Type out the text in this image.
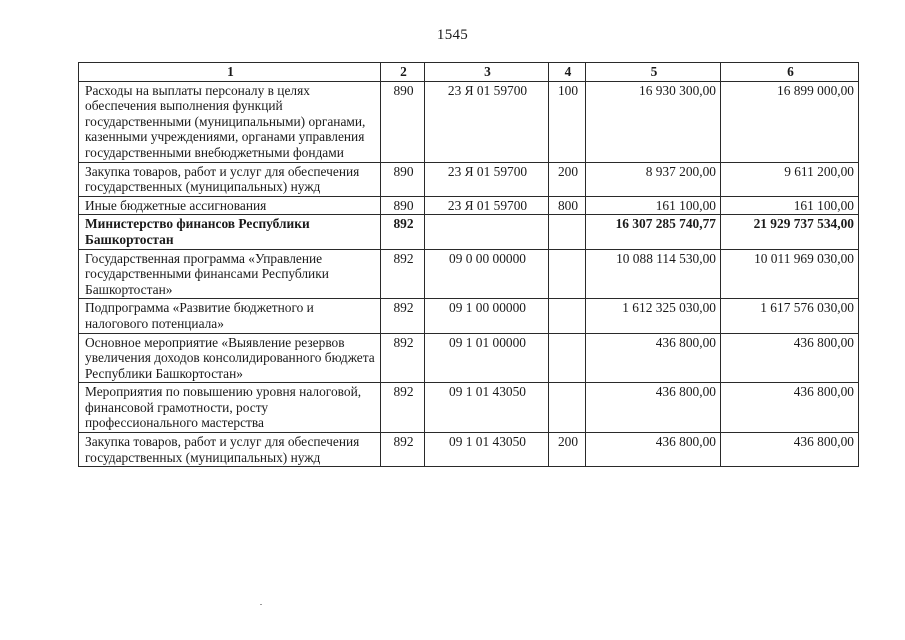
1545
1	2	3	4	5	6
Расходы на выплаты персоналу в целях обеспечения выполнения функций государственными (муниципальными) органами, казенными учреждениями, органами управления государственными внебюджетными фондами	890	23 Я 01 59700	100	16 930 300,00	16 899 000,00
Закупка товаров, работ и услуг для обеспечения государственных (муниципальных) нужд	890	23 Я 01 59700	200	8 937 200,00	9 611 200,00
Иные бюджетные ассигнования	890	23 Я 01 59700	800	161 100,00	161 100,00
Министерство финансов Республики Башкортостан	892			16 307 285 740,77	21 929 737 534,00
Государственная программа «Управление государственными финансами Республики Башкортостан»	892	09 0 00 00000		10 088 114 530,00	10 011 969 030,00
Подпрограмма «Развитие бюджетного и налогового потенциала»	892	09 1 00 00000		1 612 325 030,00	1 617 576 030,00
Основное мероприятие «Выявление резервов увеличения доходов консолидированного бюджета Республики Башкортостан»	892	09 1 01 00000		436 800,00	436 800,00
Мероприятия по повышению уровня налоговой, финансовой грамотности, росту профессионального мастерства	892	09 1 01 43050		436 800,00	436 800,00
Закупка товаров, работ и услуг для обеспечения государственных (муниципальных) нужд	892	09 1 01 43050	200	436 800,00	436 800,00
